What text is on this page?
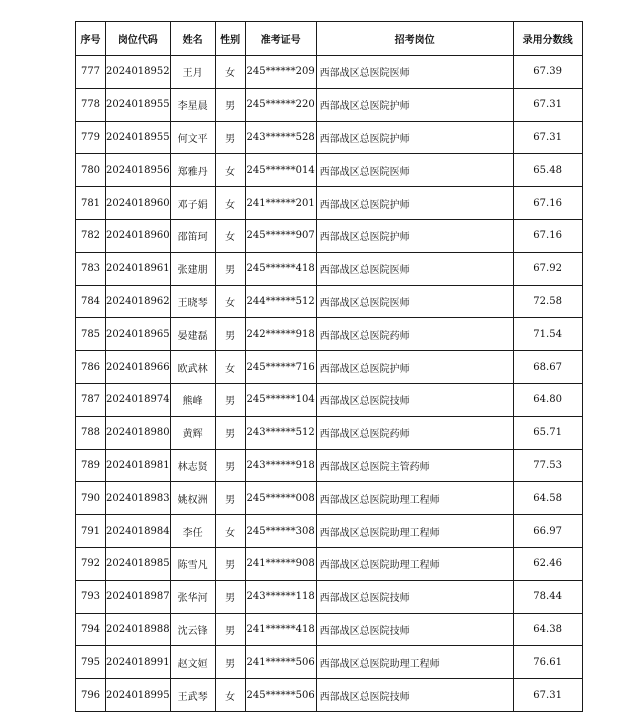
序号	岗位代码	姓名	性别	准考证号	招考岗位	录用分数线
777	2024018952	王月	女	245******209	西部战区总医院医师	67.39
778	2024018955	李星晨	男	245******220	西部战区总医院护师	67.31
779	2024018955	何文平	男	243******528	西部战区总医院护师	67.31
780	2024018956	郑雅丹	女	245******014	西部战区总医院医师	65.48
781	2024018960	邓子娟	女	241******201	西部战区总医院护师	67.16
782	2024018960	邵笛珂	女	245******907	西部战区总医院护师	67.16
783	2024018961	张建朋	男	245******418	西部战区总医院医师	67.92
784	2024018962	王晓琴	女	244******512	西部战区总医院医师	72.58
785	2024018965	晏建磊	男	242******918	西部战区总医院药师	71.54
786	2024018966	欧武林	女	245******716	西部战区总医院护师	68.67
787	2024018974	熊峰	男	245******104	西部战区总医院技师	64.80
788	2024018980	黄辉	男	243******512	西部战区总医院药师	65.71
789	2024018981	林志贤	男	243******918	西部战区总医院主管药师	77.53
790	2024018983	姚权洲	男	245******008	西部战区总医院助理工程师	64.58
791	2024018984	李任	女	245******308	西部战区总医院助理工程师	66.97
792	2024018985	陈雪凡	男	241******908	西部战区总医院助理工程师	62.46
793	2024018987	张华河	男	243******118	西部战区总医院技师	78.44
794	2024018988	沈云锋	男	241******418	西部战区总医院技师	64.38
795	2024018991	赵文姮	男	241******506	西部战区总医院助理工程师	76.61
796	2024018995	王武琴	女	245******506	西部战区总医院技师	67.31
